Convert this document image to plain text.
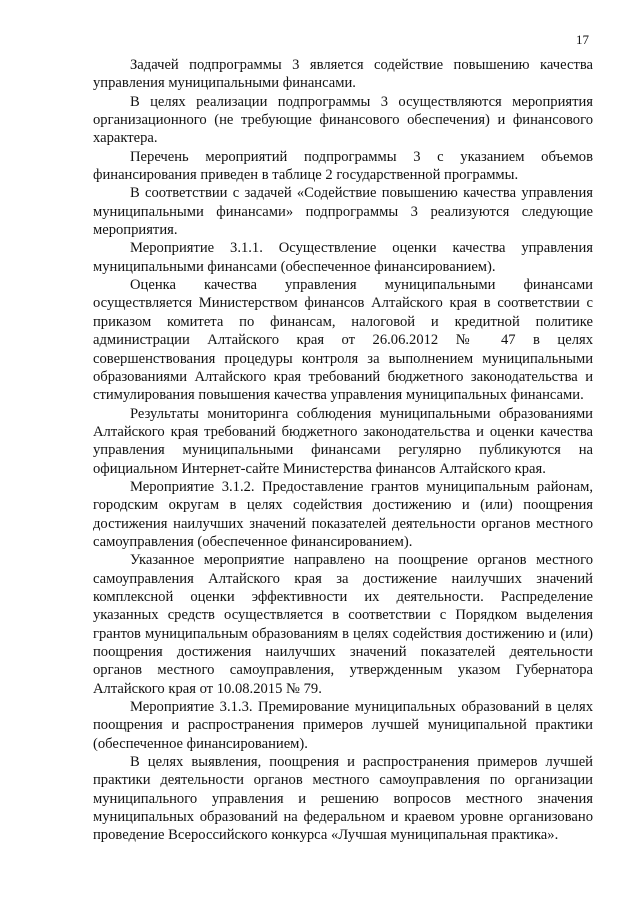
17

Задачей подпрограммы 3 является содействие повышению качества управления муниципальными финансами.

В целях реализации подпрограммы 3 осуществляются мероприятия организационного (не требующие финансового обеспечения) и финансового характера.

Перечень мероприятий подпрограммы 3 с указанием объемов финансирования приведен в таблице 2 государственной программы.

В соответствии с задачей «Содействие повышению качества управления муниципальными финансами» подпрограммы 3 реализуются следующие мероприятия.

Мероприятие 3.1.1. Осуществление оценки качества управления муниципальными финансами (обеспеченное финансированием).

Оценка качества управления муниципальными финансами осуществляется Министерством финансов Алтайского края в соответствии с приказом комитета по финансам, налоговой и кредитной политике администрации Алтайского края от 26.06.2012 № 47 в целях совершенствования процедуры контроля за выполнением муниципальными образованиями Алтайского края требований бюджетного законодательства и стимулирования повышения качества управления муниципальных финансами.

Результаты мониторинга соблюдения муниципальными образованиями Алтайского края требований бюджетного законодательства и оценки качества управления муниципальными финансами регулярно публикуются на официальном Интернет-сайте Министерства финансов Алтайского края.

Мероприятие 3.1.2. Предоставление грантов муниципальным районам, городским округам в целях содействия достижению и (или) поощрения достижения наилучших значений показателей деятельности органов местного самоуправления (обеспеченное финансированием).

Указанное мероприятие направлено на поощрение органов местного самоуправления Алтайского края за достижение наилучших значений комплексной оценки эффективности их деятельности. Распределение указанных средств осуществляется в соответствии с Порядком выделения грантов муниципальным образованиям в целях содействия достижению и (или) поощрения достижения наилучших значений показателей деятельности органов местного самоуправления, утвержденным указом Губернатора Алтайского края от 10.08.2015 № 79.

Мероприятие 3.1.3. Премирование муниципальных образований в целях поощрения и распространения примеров лучшей муниципальной практики (обеспеченное финансированием).

В целях выявления, поощрения и распространения примеров лучшей практики деятельности органов местного самоуправления по организации муниципального управления и решению вопросов местного значения муниципальных образований на федеральном и краевом уровне организовано проведение Всероссийского конкурса «Лучшая муниципальная практика».
